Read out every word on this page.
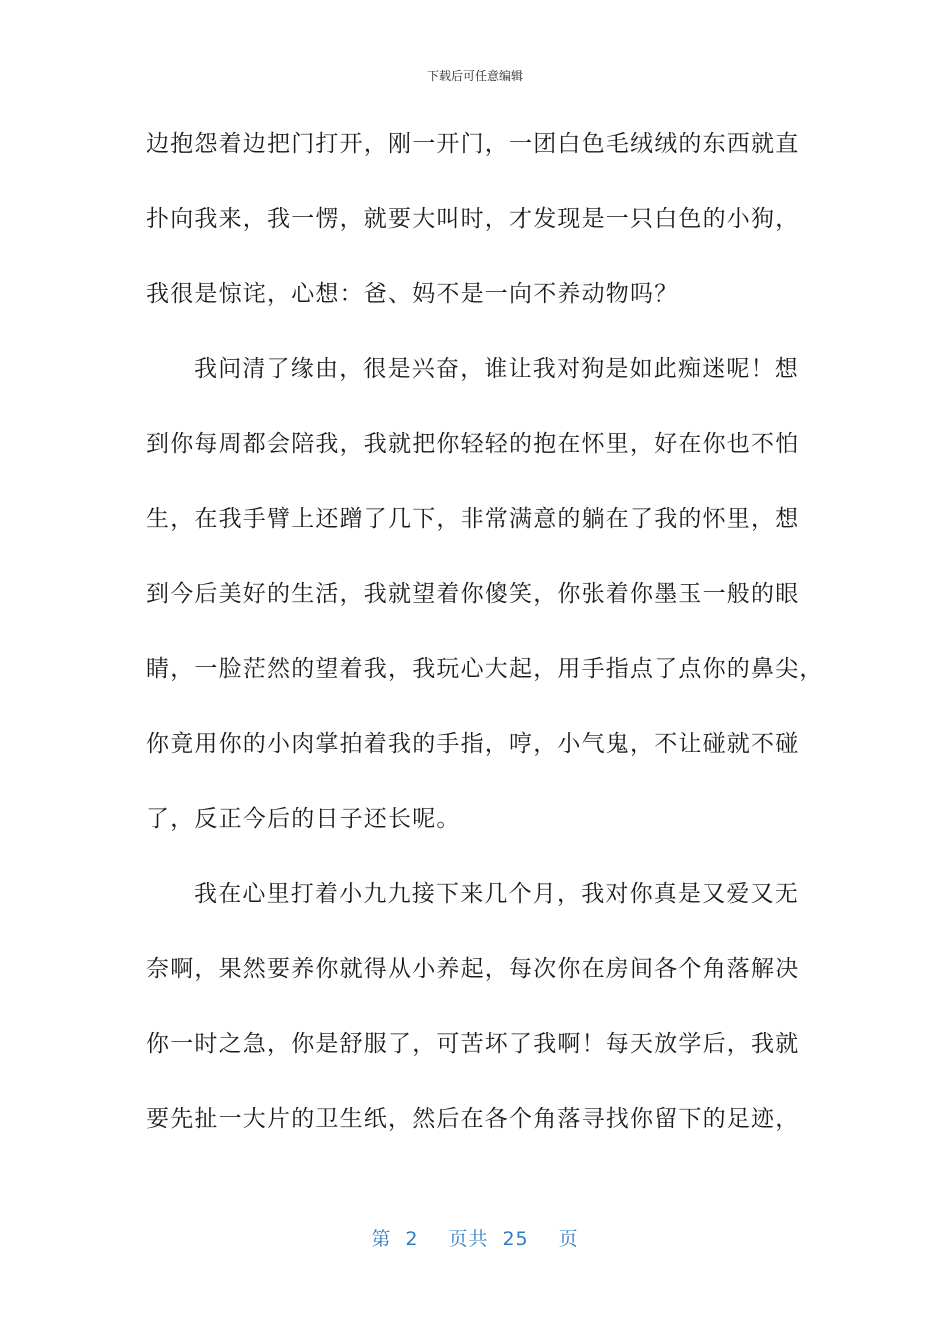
下载后可任意编辑
边抱怨着边把门打开，刚一开门，一团白色毛绒绒的东西就直
扑向我来，我一愣，就要大叫时，才发现是一只白色的小狗，
我很是惊诧，心想：爸、妈不是一向不养动物吗？
我问清了缘由，很是兴奋，谁让我对狗是如此痴迷呢！想
到你每周都会陪我，我就把你轻轻的抱在怀里，好在你也不怕
生，在我手臂上还蹭了几下，非常满意的躺在了我的怀里，想
到今后美好的生活，我就望着你傻笑，你张着你墨玉一般的眼
睛，一脸茫然的望着我，我玩心大起，用手指点了点你的鼻尖，
你竟用你的小肉掌拍着我的手指，哼，小气鬼，不让碰就不碰
了，反正今后的日子还长呢。
我在心里打着小九九接下来几个月，我对你真是又爱又无
奈啊，果然要养你就得从小养起，每次你在房间各个角落解决
你一时之急，你是舒服了，可苦坏了我啊！每天放学后，我就
要先扯一大片的卫生纸，然后在各个角落寻找你留下的足迹，
第 2 页共 25 页
